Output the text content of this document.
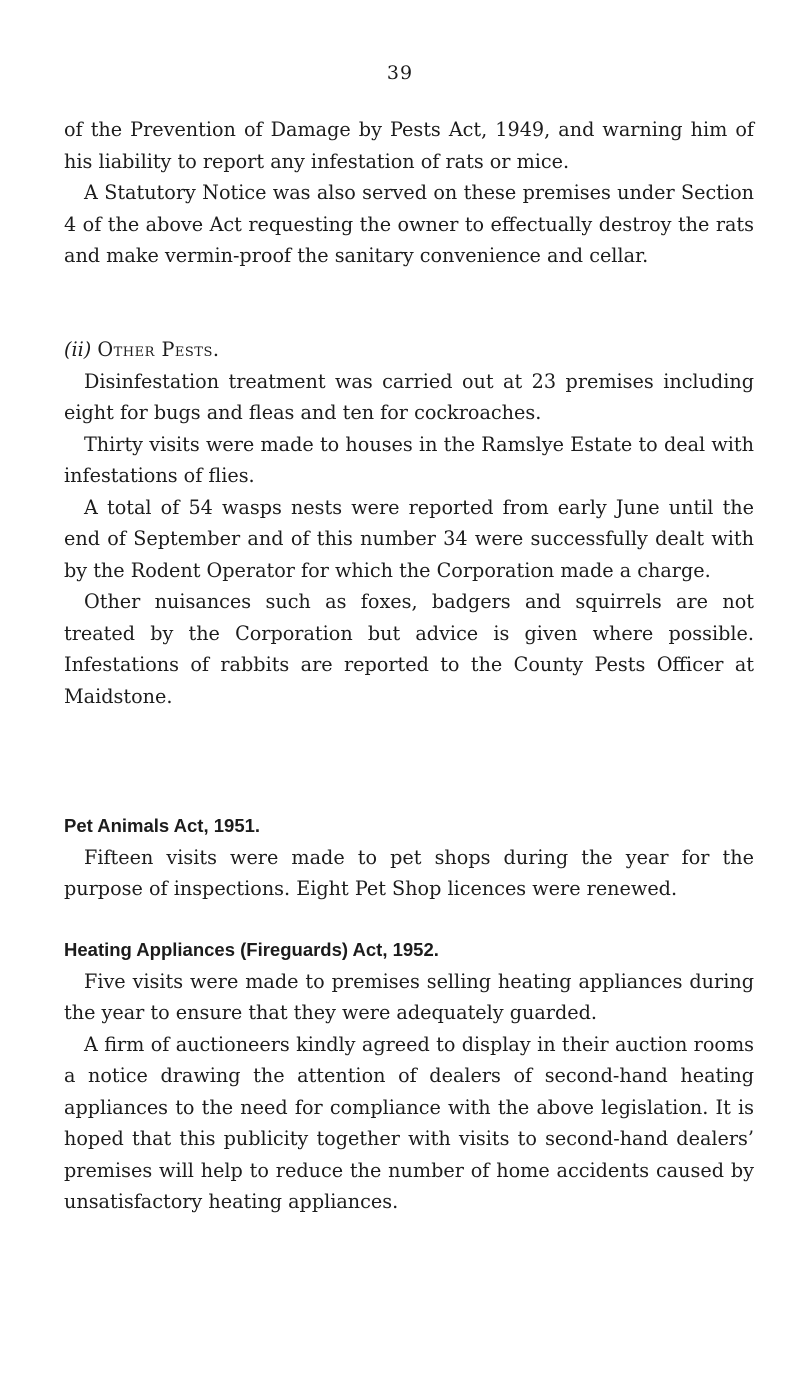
39

of the Prevention of Damage by Pests Act, 1949, and warning him of his liability to report any infestation of rats or mice.

A Statutory Notice was also served on these premises under Section 4 of the above Act requesting the owner to effectually destroy the rats and make vermin-proof the sanitary convenience and cellar.

(ii) Other Pests.

Disinfestation treatment was carried out at 23 premises including eight for bugs and fleas and ten for cockroaches.

Thirty visits were made to houses in the Ramslye Estate to deal with infestations of flies.

A total of 54 wasps nests were reported from early June until the end of September and of this number 34 were successfully dealt with by the Rodent Operator for which the Corporation made a charge.

Other nuisances such as foxes, badgers and squirrels are not treated by the Corporation but advice is given where possible. Infestations of rabbits are reported to the County Pests Officer at Maidstone.

Pet Animals Act, 1951.

Fifteen visits were made to pet shops during the year for the purpose of inspections. Eight Pet Shop licences were renewed.

Heating Appliances (Fireguards) Act, 1952.

Five visits were made to premises selling heating appliances during the year to ensure that they were adequately guarded.

A firm of auctioneers kindly agreed to display in their auction rooms a notice drawing the attention of dealers of second-hand heating appliances to the need for compliance with the above legislation. It is hoped that this publicity together with visits to second-hand dealers’ premises will help to reduce the number of home accidents caused by unsatisfactory heating appliances.
